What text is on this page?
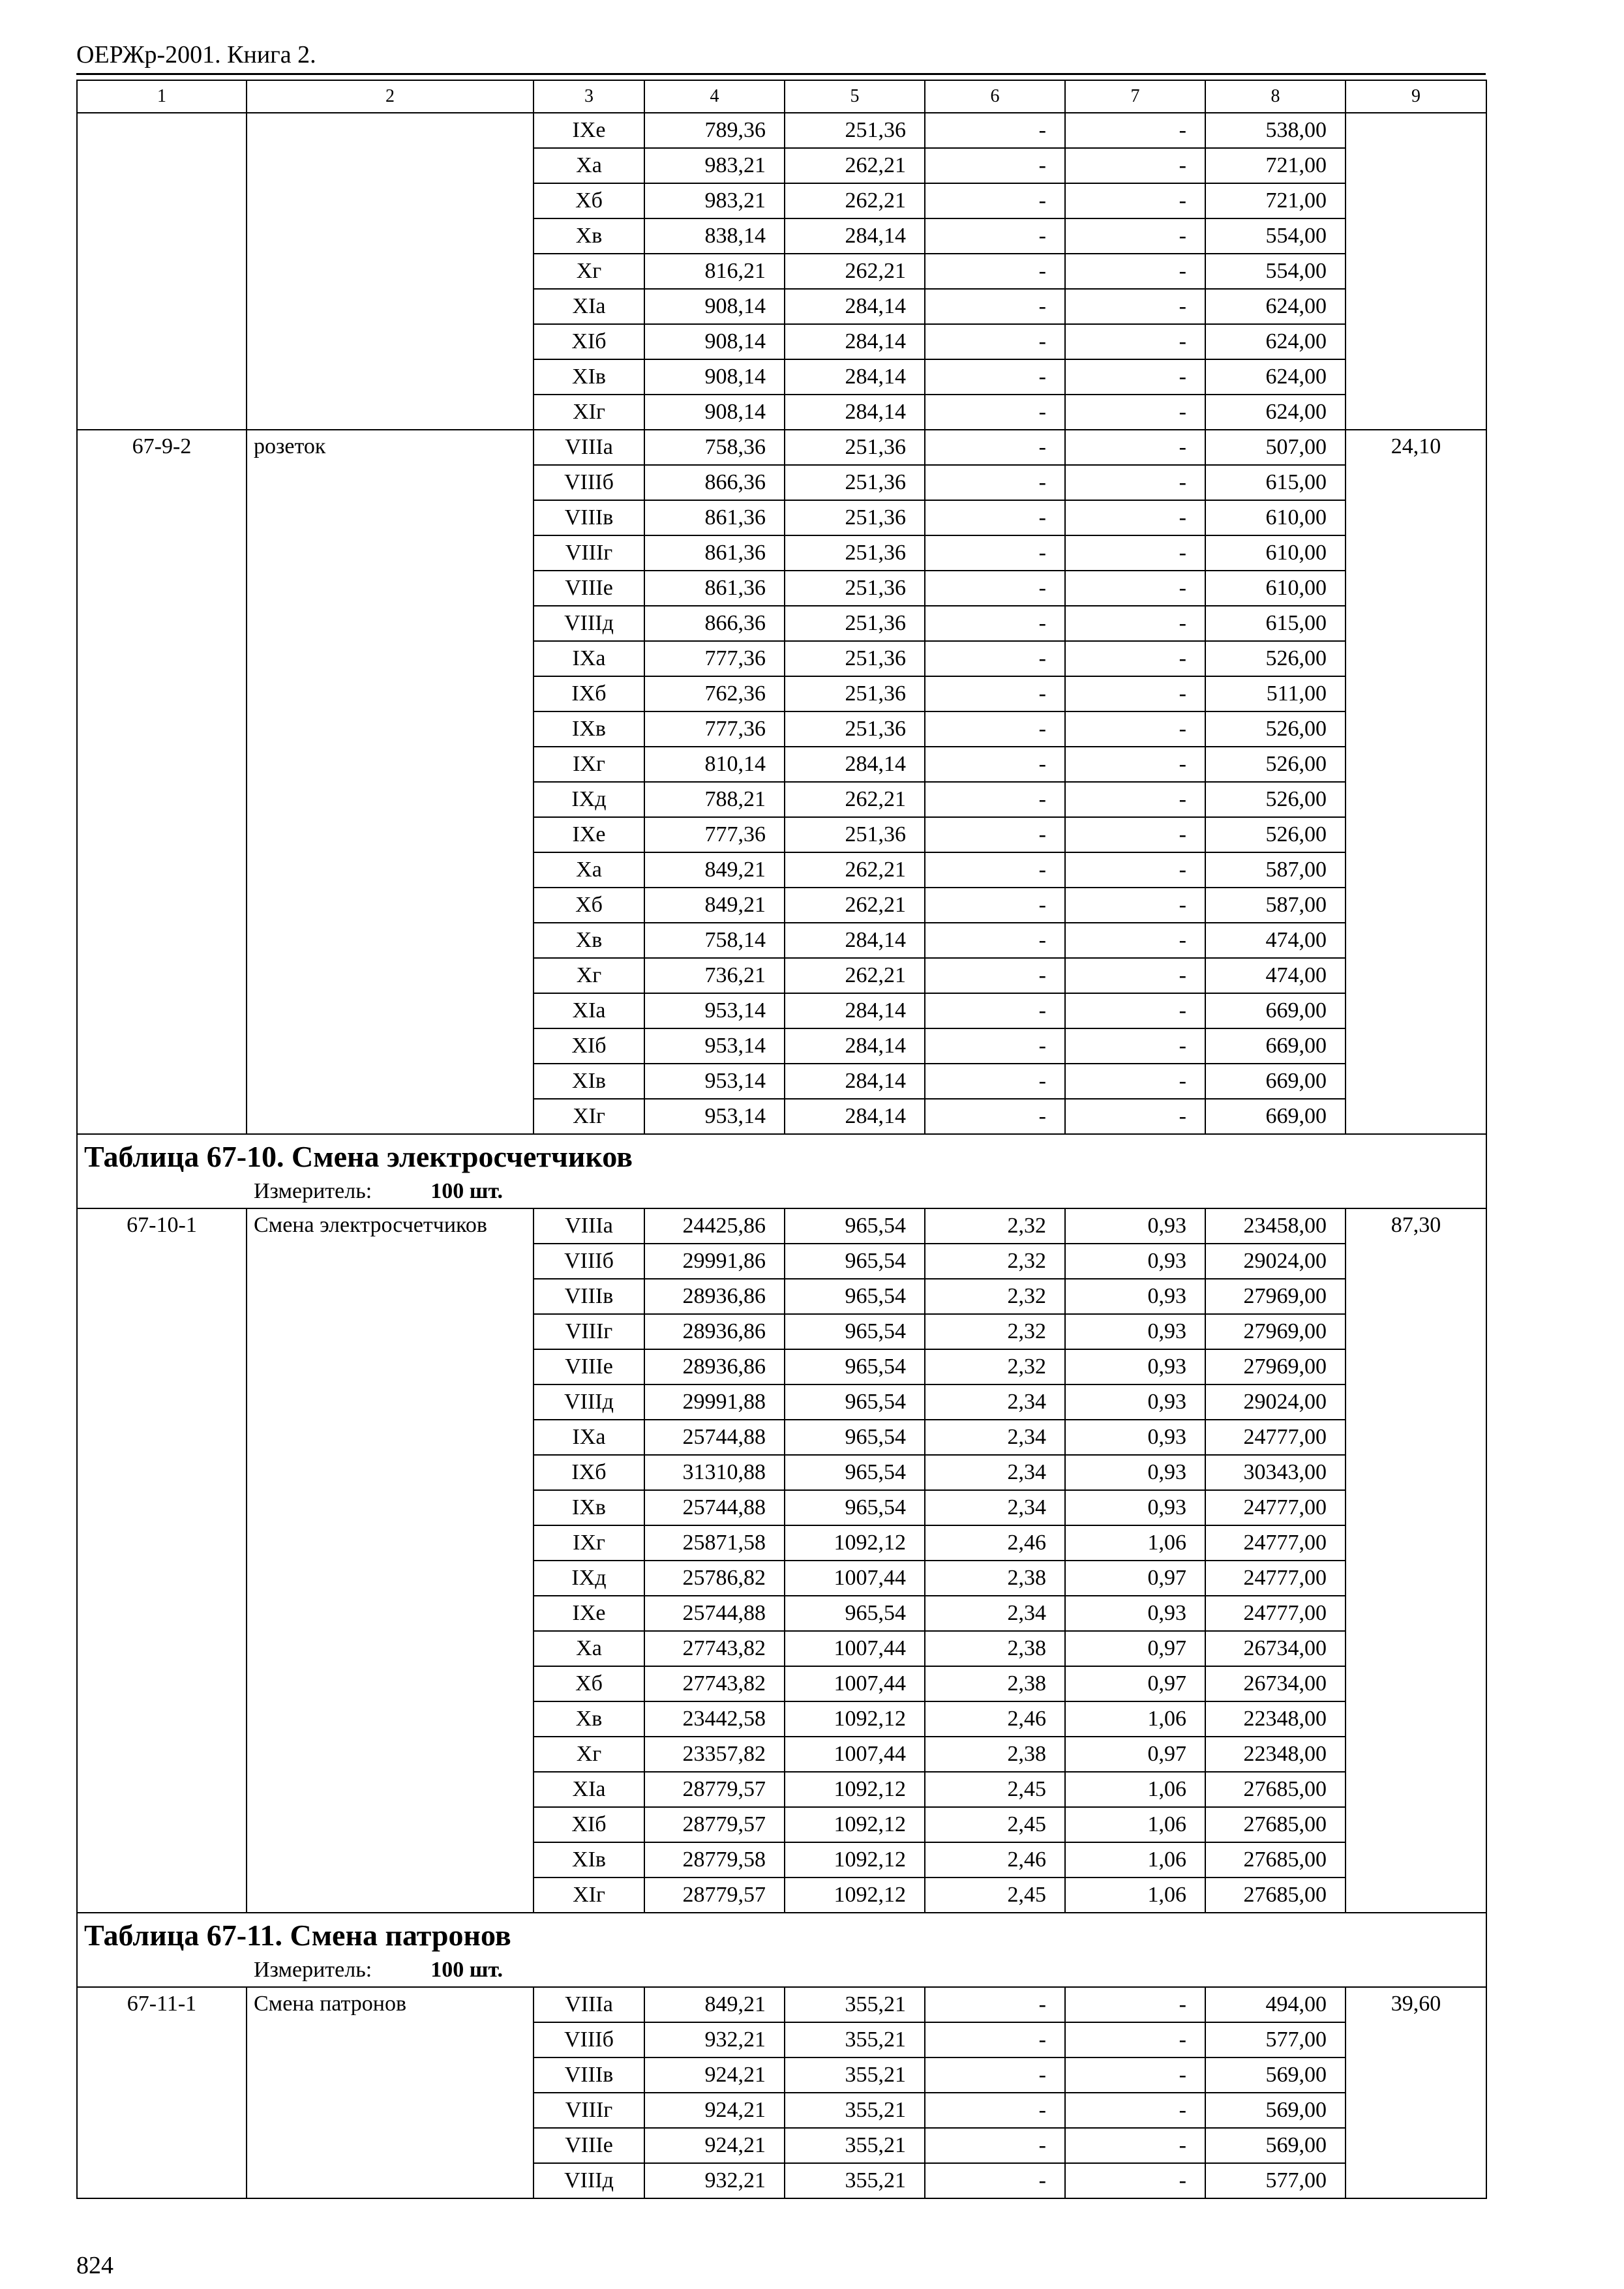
ОЕРЖр-2001. Книга 2.
1	2	3	4	5	6	7	8	9
		IXе	789,36	251,36	-	-	538,00	
		Xа	983,21	262,21	-	-	721,00	
		Xб	983,21	262,21	-	-	721,00	
		Xв	838,14	284,14	-	-	554,00	
		Xг	816,21	262,21	-	-	554,00	
		XIа	908,14	284,14	-	-	624,00	
		XIб	908,14	284,14	-	-	624,00	
		XIв	908,14	284,14	-	-	624,00	
		XIг	908,14	284,14	-	-	624,00	
67-9-2	розеток	VIIIа	758,36	251,36	-	-	507,00	24,10
		VIIIб	866,36	251,36	-	-	615,00	
		VIIIв	861,36	251,36	-	-	610,00	
		VIIIг	861,36	251,36	-	-	610,00	
		VIIIе	861,36	251,36	-	-	610,00	
		VIIIд	866,36	251,36	-	-	615,00	
		IXа	777,36	251,36	-	-	526,00	
		IXб	762,36	251,36	-	-	511,00	
		IXв	777,36	251,36	-	-	526,00	
		IXг	810,14	284,14	-	-	526,00	
		IXд	788,21	262,21	-	-	526,00	
		IXе	777,36	251,36	-	-	526,00	
		Xа	849,21	262,21	-	-	587,00	
		Xб	849,21	262,21	-	-	587,00	
		Xв	758,14	284,14	-	-	474,00	
		Xг	736,21	262,21	-	-	474,00	
		XIа	953,14	284,14	-	-	669,00	
		XIб	953,14	284,14	-	-	669,00	
		XIв	953,14	284,14	-	-	669,00	
		XIг	953,14	284,14	-	-	669,00	

Таблица 67-10. Смена электросчетчиков
Измеритель: 100 шт.								

67-10-1	Смена электросчетчиков	VIIIа	24425,86	965,54	2,32	0,93	23458,00	87,30
		VIIIб	29991,86	965,54	2,32	0,93	29024,00	
		VIIIв	28936,86	965,54	2,32	0,93	27969,00	
		VIIIг	28936,86	965,54	2,32	0,93	27969,00	
		VIIIе	28936,86	965,54	2,32	0,93	27969,00	
		VIIIд	29991,88	965,54	2,34	0,93	29024,00	
		IXа	25744,88	965,54	2,34	0,93	24777,00	
		IXб	31310,88	965,54	2,34	0,93	30343,00	
		IXв	25744,88	965,54	2,34	0,93	24777,00	
		IXг	25871,58	1092,12	2,46	1,06	24777,00	
		IXд	25786,82	1007,44	2,38	0,97	24777,00	
		IXе	25744,88	965,54	2,34	0,93	24777,00	
		Xа	27743,82	1007,44	2,38	0,97	26734,00	
		Xб	27743,82	1007,44	2,38	0,97	26734,00	
		Xв	23442,58	1092,12	2,46	1,06	22348,00	
		Xг	23357,82	1007,44	2,38	0,97	22348,00	
		XIа	28779,57	1092,12	2,45	1,06	27685,00	
		XIб	28779,57	1092,12	2,45	1,06	27685,00	
		XIв	28779,58	1092,12	2,46	1,06	27685,00	
		XIг	28779,57	1092,12	2,45	1,06	27685,00	

Таблица 67-11. Смена патронов
Измеритель: 100 шт.								

67-11-1	Смена патронов	VIIIа	849,21	355,21	-	-	494,00	39,60
		VIIIб	932,21	355,21	-	-	577,00	
		VIIIв	924,21	355,21	-	-	569,00	
		VIIIг	924,21	355,21	-	-	569,00	
		VIIIе	924,21	355,21	-	-	569,00	
		VIIIд	932,21	355,21	-	-	577,00	
824
